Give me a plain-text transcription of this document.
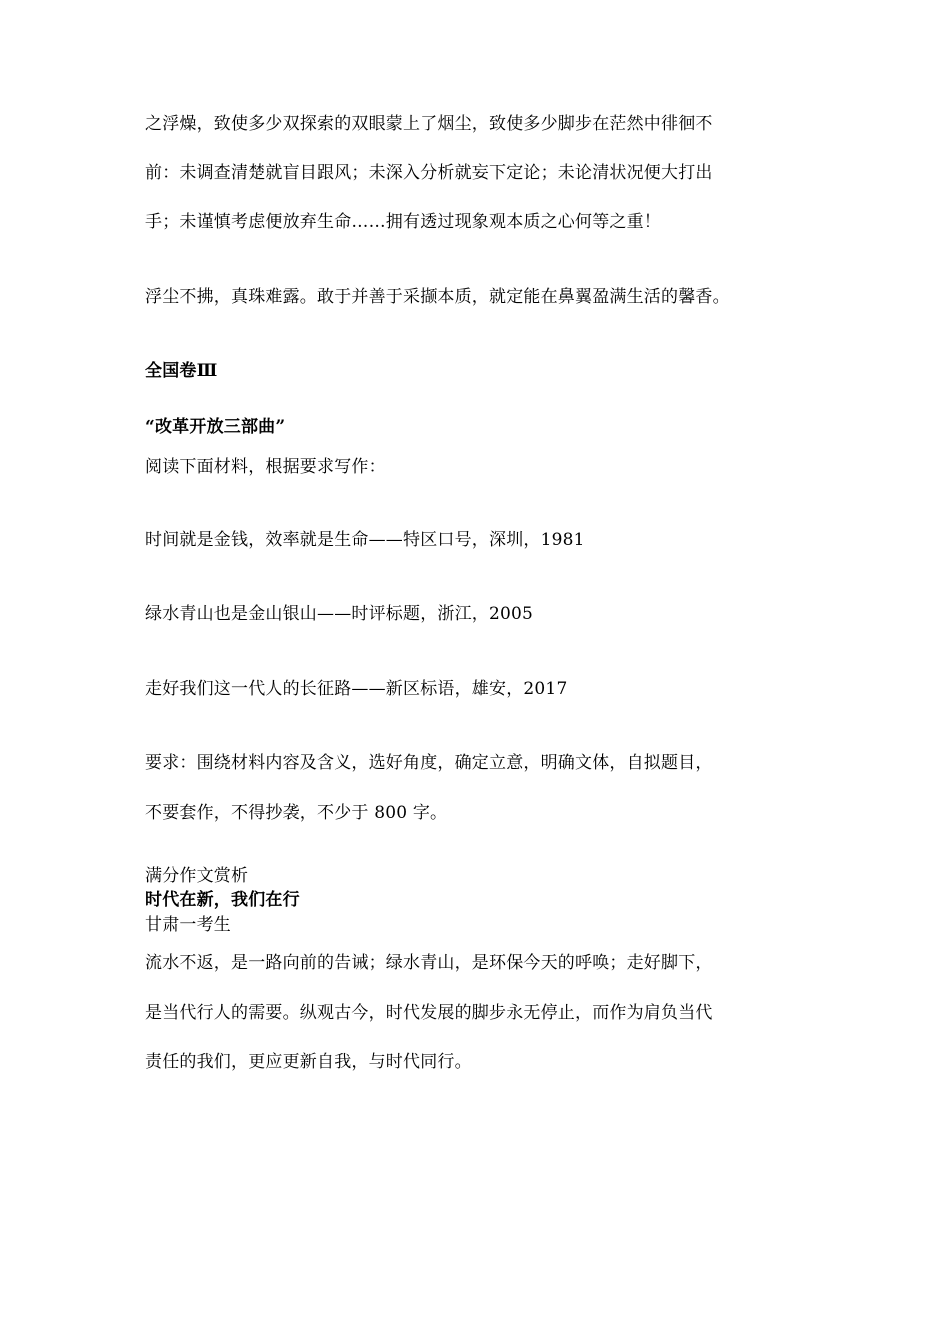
之浮燥，致使多少双探索的双眼蒙上了烟尘，致使多少脚步在茫然中徘徊不
前：未调查清楚就盲目跟风；未深入分析就妄下定论；未论清状况便大打出
手；未谨慎考虑便放弃生命……拥有透过现象观本质之心何等之重！
浮尘不拂，真珠难露。敢于并善于采撷本质，就定能在鼻翼盈满生活的馨香。
全国卷Ⅲ
“改革开放三部曲”
阅读下面材料，根据要求写作：
时间就是金钱，效率就是生命——特区口号，深圳，1981
绿水青山也是金山银山——时评标题，浙江，2005
走好我们这一代人的长征路——新区标语，雄安，2017
要求：围绕材料内容及含义，选好角度，确定立意，明确文体，自拟题目，
不要套作，不得抄袭，不少于 800 字。
满分作文赏析
时代在新，我们在行
甘肃一考生
流水不返，是一路向前的告诫；绿水青山，是环保今天的呼唤；走好脚下，
是当代行人的需要。纵观古今，时代发展的脚步永无停止，而作为肩负当代
责任的我们，更应更新自我，与时代同行。
